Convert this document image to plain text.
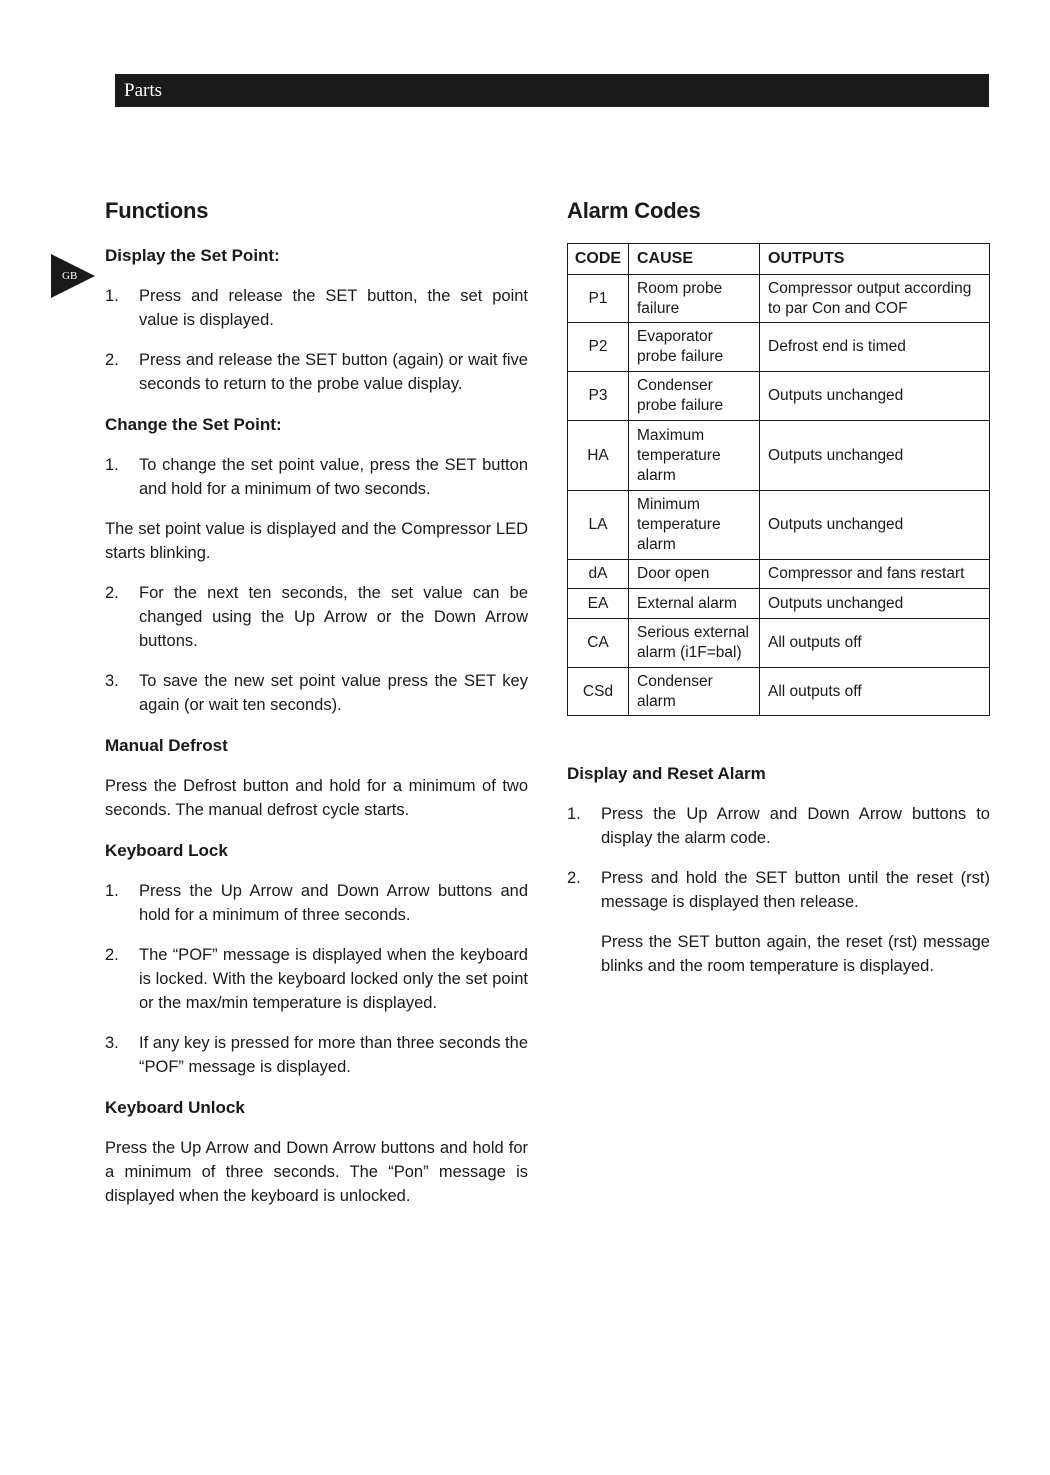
Parts
GB
Functions
Display the Set Point:
1. Press and release the SET button, the set point value is displayed.
2. Press and release the SET button (again) or wait five seconds to return to the probe value display.
Change the Set Point:
1. To change the set point value, press the SET button and hold for a minimum of two seconds.

The set point value is displayed and the Compressor LED starts blinking.

2. For the next ten seconds, the set value can be changed using the Up Arrow or the Down Arrow buttons.
3. To save the new set point value press the SET key again (or wait ten seconds).
Manual Defrost

Press the Defrost button and hold for a minimum of two seconds. The manual defrost cycle starts.

Keyboard Lock
1. Press the Up Arrow and Down Arrow buttons and hold for a minimum of three seconds.
2. The “POF” message is displayed when the keyboard is locked. With the keyboard locked only the set point or the max/min temperature is displayed.
3. If any key is pressed for more than three seconds the “POF” message is displayed.
Keyboard Unlock

Press the Up Arrow and Down Arrow buttons and hold for a minimum of three seconds. The “Pon” message is displayed when the keyboard is unlocked.

Alarm Codes
CODE	CAUSE	OUTPUTS
P1	Room probe failure	Compressor output according to par Con and COF
P2	Evaporator probe failure	Defrost end is timed
P3	Condenser probe failure	Outputs unchanged
HA	Maximum temperature alarm	Outputs unchanged
LA	Minimum temperature alarm	Outputs unchanged
dA	Door open	Compressor and fans restart
EA	External alarm	Outputs unchanged
CA	Serious external alarm (i1F=bal)	All outputs off
CSd	Condenser alarm	All outputs off
Display and Reset Alarm
1. Press the Up Arrow and Down Arrow buttons to display the alarm code.
2. Press and hold the SET button until the reset (rst) message is displayed then release.

Press the SET button again, the reset (rst) message blinks and the room temperature is displayed.
